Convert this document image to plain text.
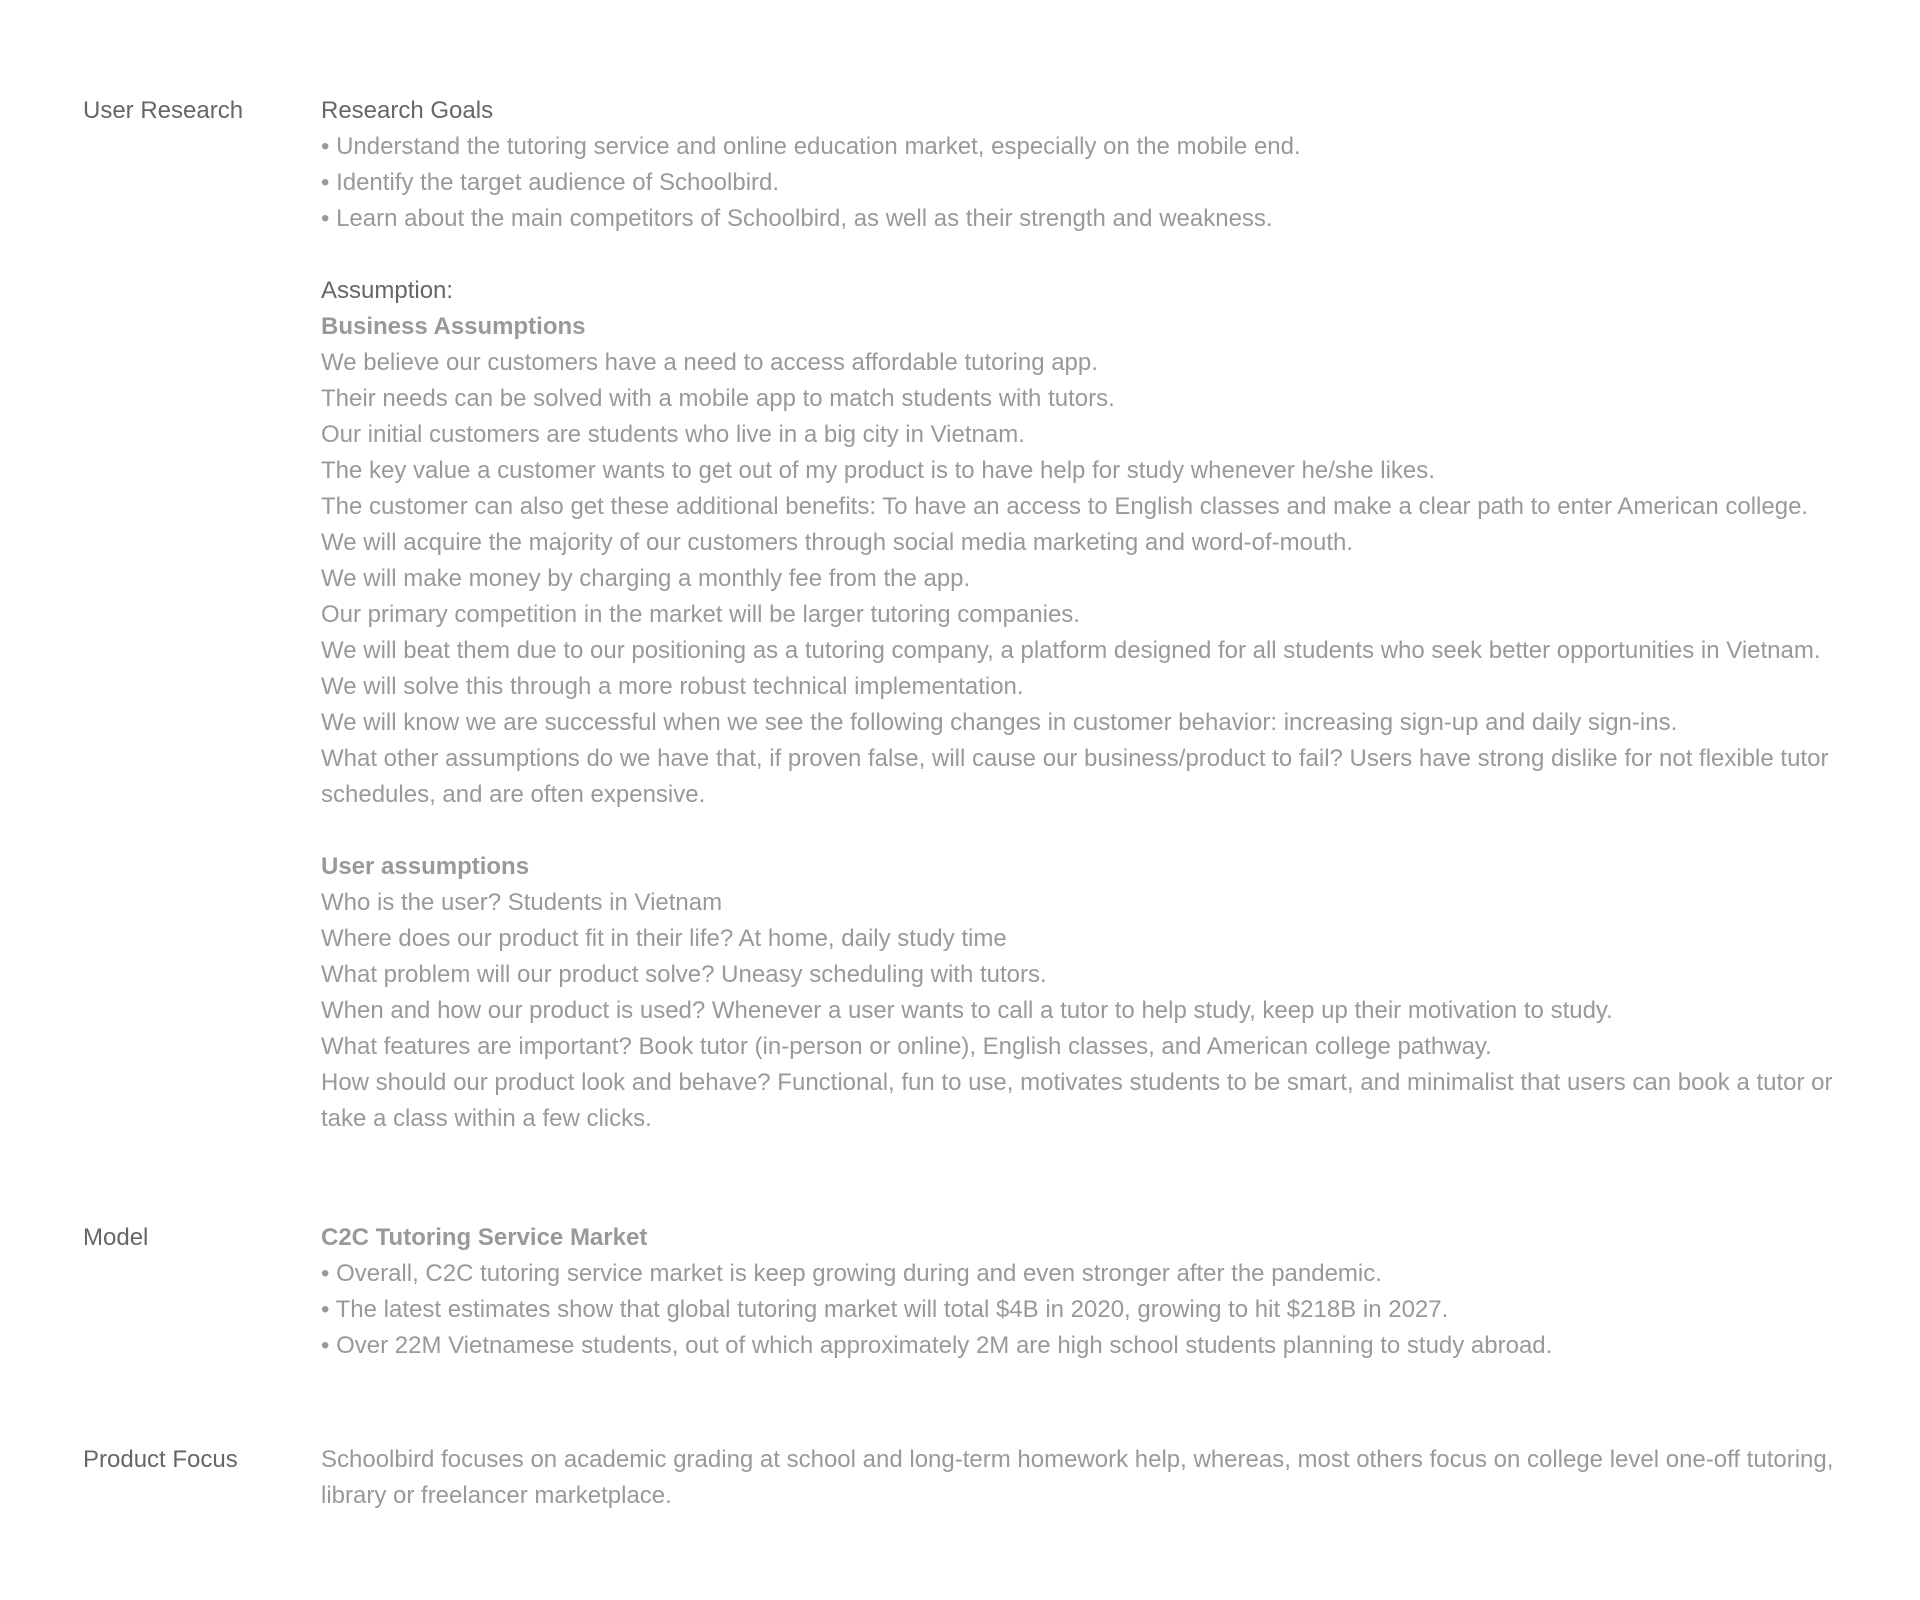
User Research	Research Goals
• Understand the tutoring service and online education market, especially on the mobile end.
• Identify the target audience of Schoolbird.
• Learn about the main competitors of Schoolbird, as well as their strength and weakness.
Assumption:
Business Assumptions
We believe our customers have a need to access affordable tutoring app.
Their needs can be solved with a mobile app to match students with tutors.
Our initial customers are students who live in a big city in Vietnam.
The key value a customer wants to get out of my product is to have help for study whenever he/she likes.
The customer can also get these additional benefits: To have an access to English classes and make a clear path to enter American college.
We will acquire the majority of our customers through social media marketing and word-of-mouth.
We will make money by charging a monthly fee from the app.
Our primary competition in the market will be larger tutoring companies.
We will beat them due to our positioning as a tutoring company, a platform designed for all students who seek better opportunities in Vietnam.
We will solve this through a more robust technical implementation.
We will know we are successful when we see the following changes in customer behavior: increasing sign-up and daily sign-ins.
What other assumptions do we have that, if proven false, will cause our business/product to fail? Users have strong dislike for not flexible tutor schedules, and are often expensive.
User assumptions
Who is the user? Students in Vietnam
Where does our product fit in their life? At home, daily study time
What problem will our product solve? Uneasy scheduling with tutors.
When and how our product is used? Whenever a user wants to call a tutor to help study, keep up their motivation to study.
What features are important? Book tutor (in-person or online), English classes, and American college pathway.
How should our product look and behave? Functional, fun to use, motivates students to be smart, and minimalist that users can book a tutor or take a class within a few clicks.
Model	C2C Tutoring Service Market
• Overall, C2C tutoring service market is keep growing during and even stronger after the pandemic.
• The latest estimates show that global tutoring market will total $4B in 2020, growing to hit $218B in 2027.
• Over 22M Vietnamese students, out of which approximately 2M are high school students planning to study abroad.
Product Focus	Schoolbird focuses on academic grading at school and long-term homework help, whereas, most others focus on college level one-off tutoring, library or freelancer marketplace.
